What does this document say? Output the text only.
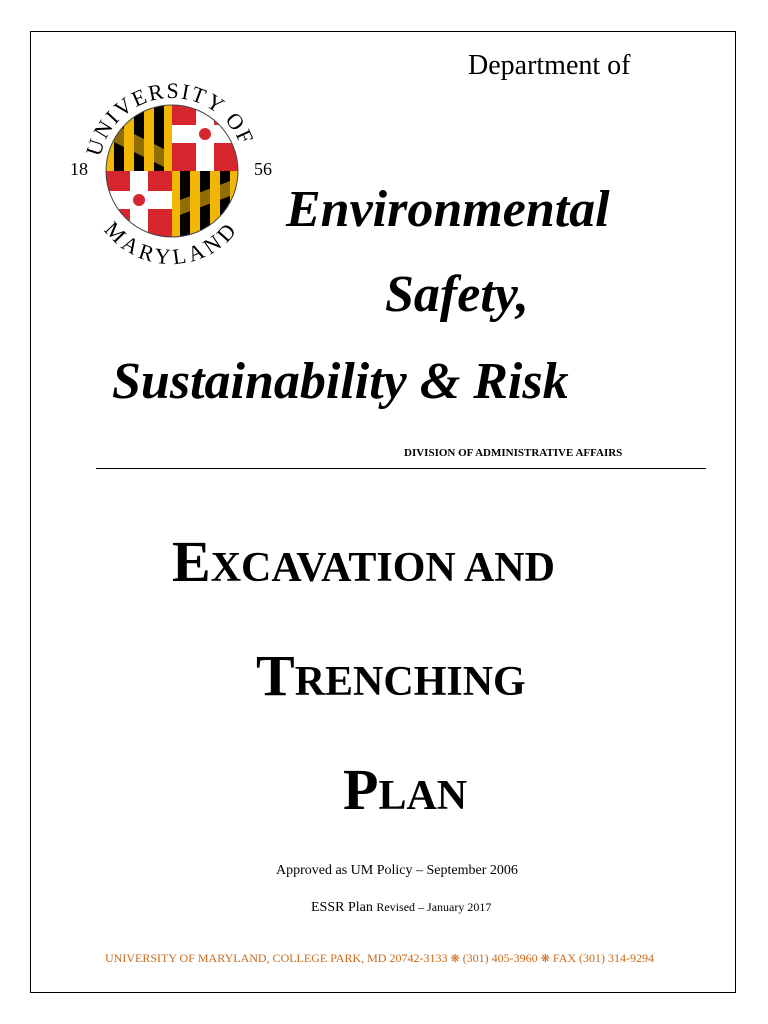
UNIVERSITY OF
MARYLAND
18	56
Department of
Environmental
Safety,
Sustainability & Risk
DIVISION OF ADMINISTRATIVE AFFAIRS
EXCAVATION AND
TRENCHING
PLAN
Approved as UM Policy – September 2006
ESSR Plan Revised – January 2017
UNIVERSITY OF MARYLAND, COLLEGE PARK, MD 20742-3133 ❋ (301) 405-3960 ❋ FAX (301) 314-9294
